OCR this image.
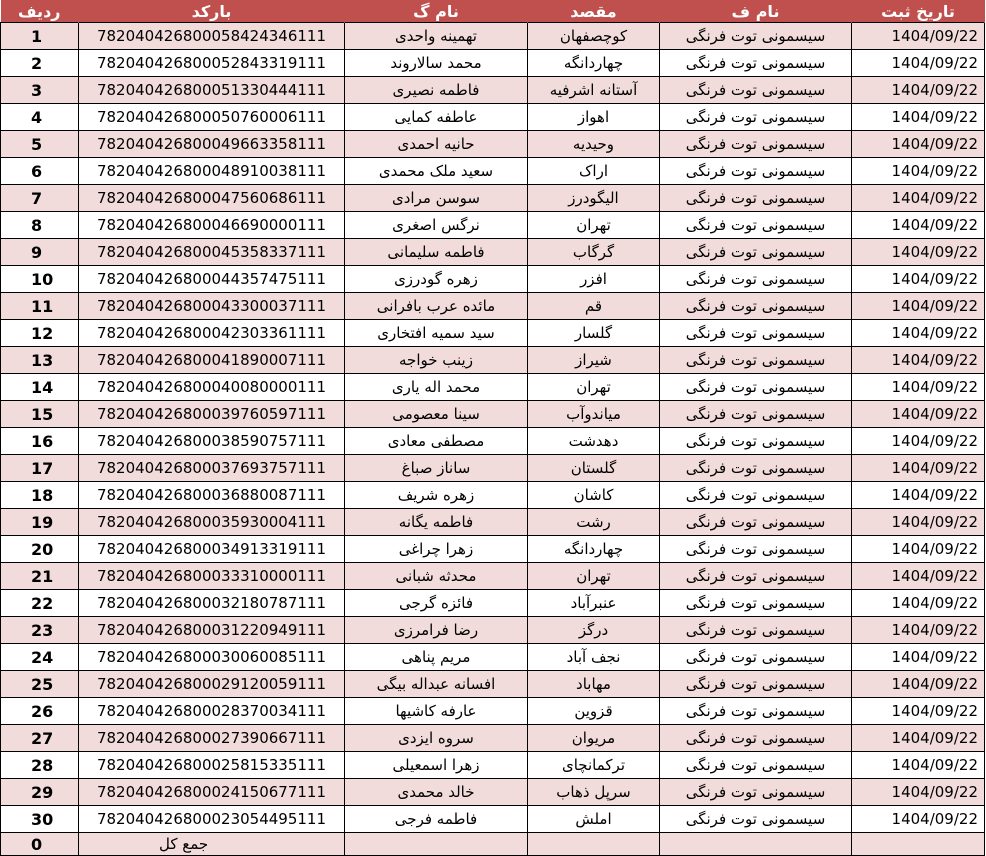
ردیف	بارکد	نام گ	مقصد	نام ف	تاریخ ثبت
1	782040426800058424346111	تهمینه واحدی	کوچصفهان	سیسمونی توت فرنگی	1404/09/22
2	782040426800052843319111	محمد سالاروند	چهاردانگه	سیسمونی توت فرنگی	1404/09/22
3	782040426800051330444111	فاطمه نصیری	آستانه اشرفیه	سیسمونی توت فرنگی	1404/09/22
4	782040426800050760006111	عاطفه کمایی	اهواز	سیسمونی توت فرنگی	1404/09/22
5	782040426800049663358111	حانیه احمدی	وحیدیه	سیسمونی توت فرنگی	1404/09/22
6	782040426800048910038111	سعید ملک محمدی	اراک	سیسمونی توت فرنگی	1404/09/22
7	782040426800047560686111	سوسن مرادی	الیگودرز	سیسمونی توت فرنگی	1404/09/22
8	782040426800046690000111	نرگس اصغری	تهران	سیسمونی توت فرنگی	1404/09/22
9	782040426800045358337111	فاطمه سلیمانی	گرگاب	سیسمونی توت فرنگی	1404/09/22
10	782040426800044357475111	زهره گودرزی	افزر	سیسمونی توت فرنگی	1404/09/22
11	782040426800043300037111	مائده عرب بافرانی	قم	سیسمونی توت فرنگی	1404/09/22
12	782040426800042303361111	سید سمیه افتخاری	گلسار	سیسمونی توت فرنگی	1404/09/22
13	782040426800041890007111	زینب خواجه	شیراز	سیسمونی توت فرنگی	1404/09/22
14	782040426800040080000111	محمد اله یاری	تهران	سیسمونی توت فرنگی	1404/09/22
15	782040426800039760597111	سینا معصومی	میاندوآب	سیسمونی توت فرنگی	1404/09/22
16	782040426800038590757111	مصطفی معادی	دهدشت	سیسمونی توت فرنگی	1404/09/22
17	782040426800037693757111	ساناز صباغ	گلستان	سیسمونی توت فرنگی	1404/09/22
18	782040426800036880087111	زهره شریف	کاشان	سیسمونی توت فرنگی	1404/09/22
19	782040426800035930004111	فاطمه یگانه	رشت	سیسمونی توت فرنگی	1404/09/22
20	782040426800034913319111	زهرا چراغی	چهاردانگه	سیسمونی توت فرنگی	1404/09/22
21	782040426800033310000111	محدثه شبانی	تهران	سیسمونی توت فرنگی	1404/09/22
22	782040426800032180787111	فائزه گرجی	عنبرآباد	سیسمونی توت فرنگی	1404/09/22
23	782040426800031220949111	رضا فرامرزی	درگز	سیسمونی توت فرنگی	1404/09/22
24	782040426800030060085111	مریم پناهی	نجف آباد	سیسمونی توت فرنگی	1404/09/22
25	782040426800029120059111	افسانه عبداله بیگی	مهاباد	سیسمونی توت فرنگی	1404/09/22
26	782040426800028370034111	عارفه کاشیها	قزوین	سیسمونی توت فرنگی	1404/09/22
27	782040426800027390667111	سروه ایزدی	مریوان	سیسمونی توت فرنگی	1404/09/22
28	782040426800025815335111	زهرا اسمعیلی	ترکمانچای	سیسمونی توت فرنگی	1404/09/22
29	782040426800024150677111	خالد محمدی	سرپل ذهاب	سیسمونی توت فرنگی	1404/09/22
30	782040426800023054495111	فاطمه فرجی	املش	سیسمونی توت فرنگی	1404/09/22
0	جمع کل				
